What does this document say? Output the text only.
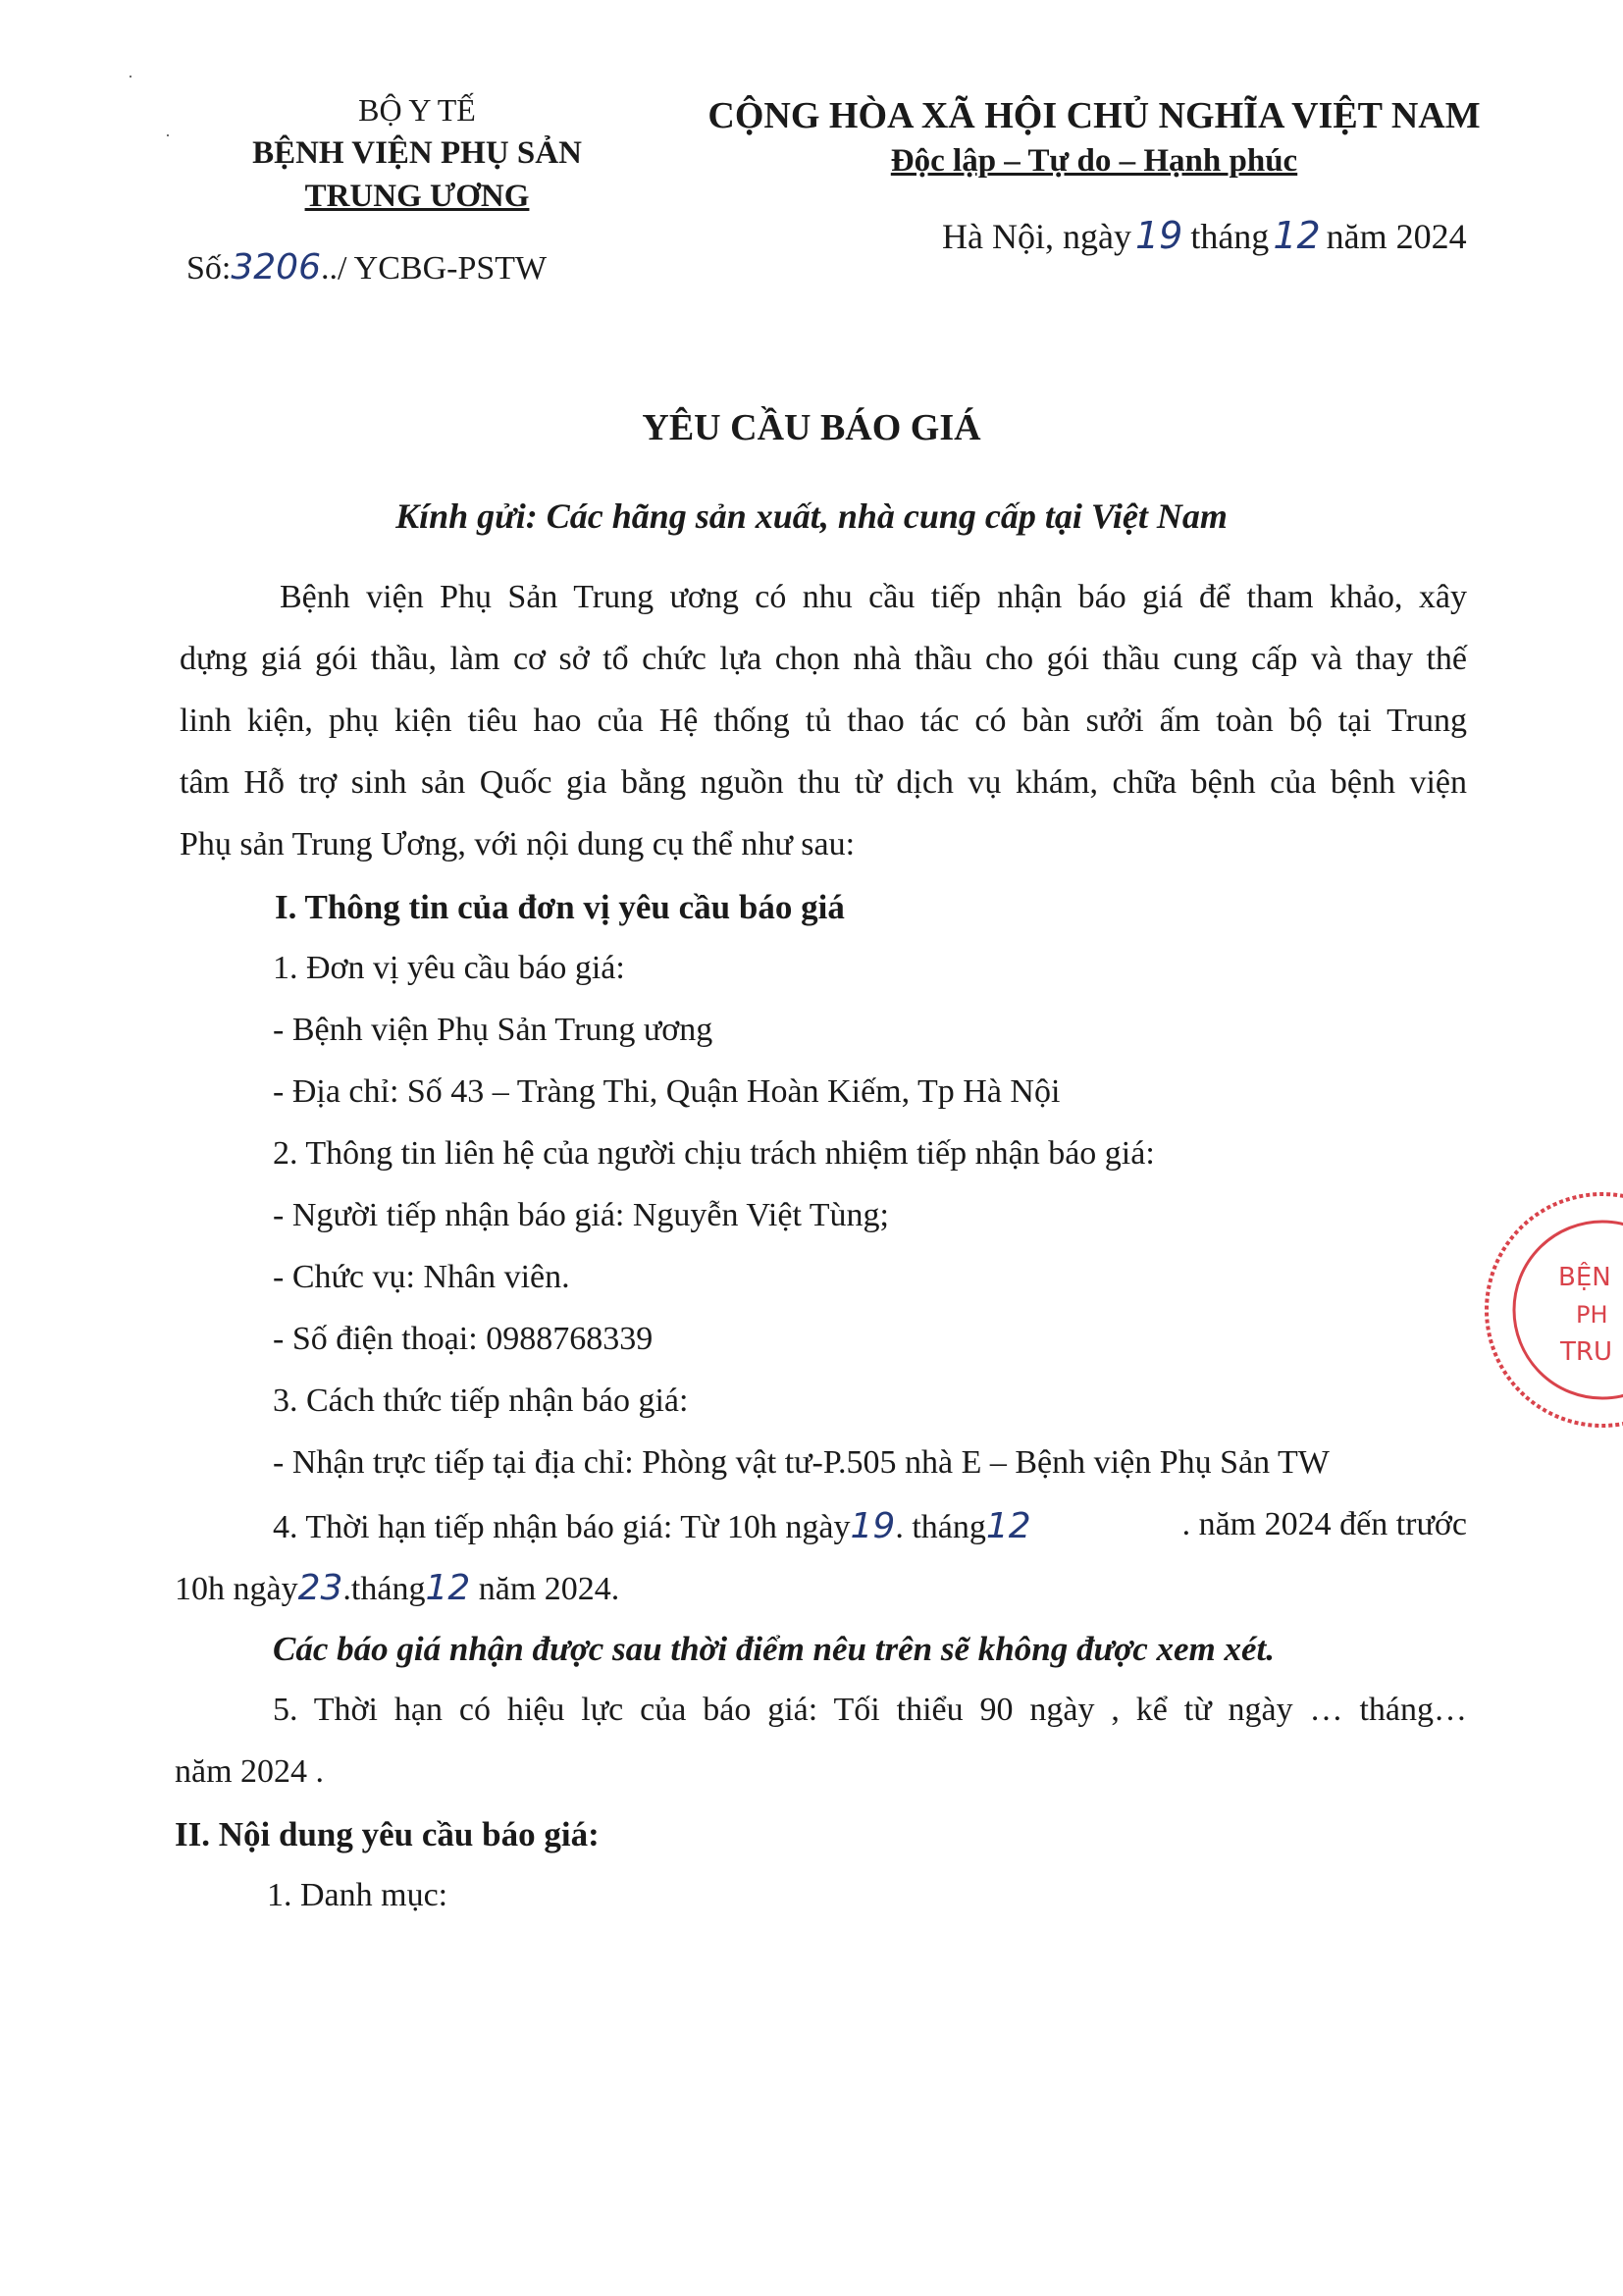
BỘ Y TẾ
BỆNH VIỆN PHỤ SẢN
TRUNG ƯƠNG
Số:3206../ YCBG-PSTW
CỘNG HÒA XÃ HỘI CHỦ NGHĨA VIỆT NAM
Độc lập – Tự do – Hạnh phúc
Hà Nội, ngày 19 tháng 12 năm 2024
YÊU CẦU BÁO GIÁ
Kính gửi: Các hãng sản xuất, nhà cung cấp tại Việt Nam
Bệnh viện Phụ Sản Trung ương có nhu cầu tiếp nhận báo giá để tham khảo, xây
dựng giá gói thầu, làm cơ sở tổ chức lựa chọn nhà thầu cho gói thầu cung cấp và thay thế
linh kiện, phụ kiện tiêu hao của Hệ thống tủ thao tác có bàn sưởi ấm toàn bộ tại Trung
tâm Hỗ trợ sinh sản Quốc gia bằng nguồn thu từ dịch vụ khám, chữa bệnh của bệnh viện
Phụ sản Trung Ương, với nội dung cụ thể như sau:
I. Thông tin của đơn vị yêu cầu báo giá
1. Đơn vị yêu cầu báo giá:
- Bệnh viện Phụ Sản Trung ương
- Địa chỉ: Số 43 – Tràng Thi, Quận Hoàn Kiếm, Tp Hà Nội
2. Thông tin liên hệ của người chịu trách nhiệm tiếp nhận báo giá:
- Người tiếp nhận báo giá: Nguyễn Việt Tùng;
- Chức vụ: Nhân viên.
- Số điện thoại: 0988768339
3. Cách thức tiếp nhận báo giá:
- Nhận trực tiếp tại địa chỉ: Phòng vật tư-P.505 nhà E – Bệnh viện Phụ Sản TW
4. Thời hạn tiếp nhận báo giá: Từ 10h ngày19. tháng12	. năm 2024 đến trước
10h ngày23.tháng12 năm 2024.
Các báo giá nhận được sau thời điểm nêu trên sẽ không được xem xét.
5. Thời hạn có hiệu lực của báo giá: Tối thiểu 90 ngày , kể từ ngày … tháng…
năm 2024 .
II. Nội dung yêu cầu báo giá:
1. Danh mục:
BỆN
PH
TRU
·
·
